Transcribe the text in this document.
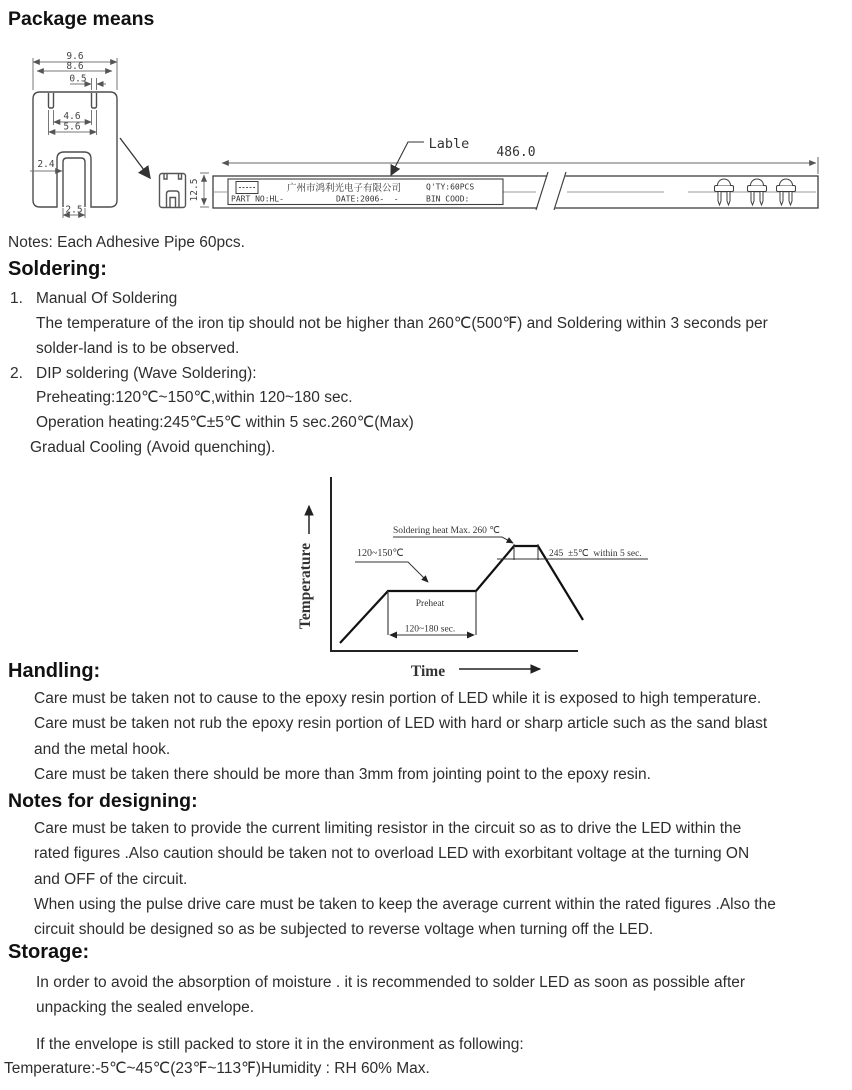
Package means
9.6
8.6
0.5
4.6
5.6
2.4
2.5
12.5	广州市鸿利光电子有限公司	Q'TY:60PCS
PART NO:HL-	DATE:2006-  -	BIN COOD:
486.0
Lable
Notes: Each Adhesive Pipe 60pcs.
Soldering:
1. Manual Of Soldering
The temperature of the iron tip should not be higher than 260℃(500℉) and Soldering within 3 seconds per
solder-land is to be observed.
2. DIP soldering (Wave Soldering):
Preheating:120℃~150℃,within 120~180 sec.
Operation heating:245℃±5℃ within 5 sec.260℃(Max)
Gradual Cooling (Avoid quenching).
Temperature
Time
Preheat
120~180 sec.
Soldering heat Max. 260 ℃
120~150℃	245  ±5℃  within 5 sec.
Handling:
Care must be taken not to cause to the epoxy resin portion of LED while it is exposed to high temperature.
Care must be taken not rub the epoxy resin portion of LED with hard or sharp article such as the sand blast
and the metal hook.
Care must be taken there should be more than 3mm from jointing point to the epoxy resin.
Notes for designing:
Care must be taken to provide the current limiting resistor in the circuit so as to drive the LED within the
rated figures .Also caution should be taken not to overload LED with exorbitant voltage at the turning ON
and OFF of the circuit.
When using the pulse drive care must be taken to keep the average current within the rated figures .Also the
circuit should be designed so as be subjected to reverse voltage when turning off the LED.
Storage:
In order to avoid the absorption of moisture . it is recommended to solder LED as soon as possible after
unpacking the sealed envelope.
If the envelope is still packed to store it in the environment as following:
Temperature:-5℃~45℃(23℉~113℉)Humidity : RH 60% Max.
